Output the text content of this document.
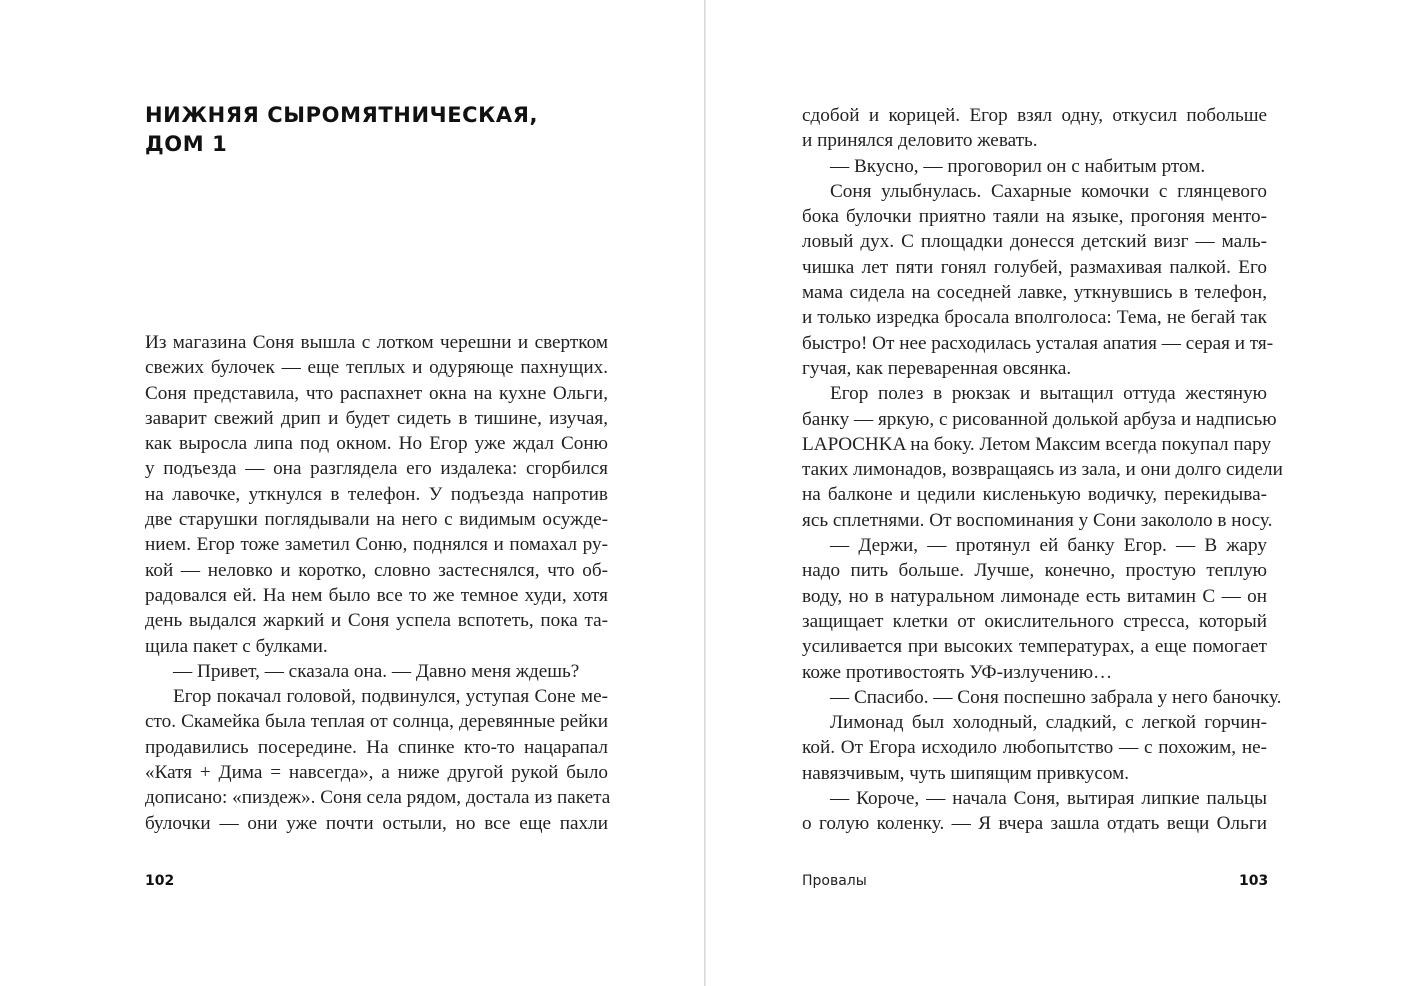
НИЖНЯЯ СЫРОМЯТНИЧЕСКАЯ,
ДОМ 1
Из магазина Соня вышла с лотком черешни и свертком
свежих булочек — еще теплых и одуряюще пахнущих.
Соня представила, что распахнет окна на кухне Ольги,
заварит свежий дрип и будет сидеть в тишине, изучая,
как выросла липа под окном. Но Егор уже ждал Соню
у подъезда — она разглядела его издалека: сгорбился
на лавочке, уткнулся в телефон. У подъезда напротив
две старушки поглядывали на него с видимым осужде-
нием. Егор тоже заметил Соню, поднялся и помахал ру-
кой — неловко и коротко, словно застеснялся, что об-
радовался ей. На нем было все то же темное худи, хотя
день выдался жаркий и Соня успела вспотеть, пока та-
щила пакет с булками.
— Привет, — сказала она. — Давно меня ждешь?
Егор покачал головой, подвинулся, уступая Соне ме-
сто. Скамейка была теплая от солнца, деревянные рейки
продавились посередине. На спинке кто-то нацарапал
«Катя + Дима = навсегда», а ниже другой рукой было
дописано: «пиздеж». Соня села рядом, достала из пакета
булочки — они уже почти остыли, но все еще пахли
102
сдобой и корицей. Егор взял одну, откусил побольше
и принялся деловито жевать.
— Вкусно, — проговорил он с набитым ртом.
Соня улыбнулась. Сахарные комочки с глянцевого
бока булочки приятно таяли на языке, прогоняя менто-
ловый дух. С площадки донесся детский визг — маль-
чишка лет пяти гонял голубей, размахивая палкой. Его
мама сидела на соседней лавке, уткнувшись в телефон,
и только изредка бросала вполголоса: Тема, не бегай так
быстро! От нее расходилась усталая апатия — серая и тя-
гучая, как переваренная овсянка.
Егор полез в рюкзак и вытащил оттуда жестяную
банку — яркую, с рисованной долькой арбуза и надписью
LAPOCHKA на боку. Летом Максим всегда покупал пару
таких лимонадов, возвращаясь из зала, и они долго сидели
на балконе и цедили кисленькую водичку, перекидыва-
ясь сплетнями. От воспоминания у Сони закололо в носу.
— Держи, — протянул ей банку Егор. — В жару
надо пить больше. Лучше, конечно, простую теплую
воду, но в натуральном лимонаде есть витамин С — он
защищает клетки от окислительного стресса, который
усиливается при высоких температурах, а еще помогает
коже противостоять УФ-излучению…
— Спасибо. — Соня поспешно забрала у него баночку.
Лимонад был холодный, сладкий, с легкой горчин-
кой. От Егора исходило любопытство — с похожим, не-
навязчивым, чуть шипящим привкусом.
— Короче, — начала Соня, вытирая липкие пальцы
о голую коленку. — Я вчера зашла отдать вещи Ольги
Провалы	103
